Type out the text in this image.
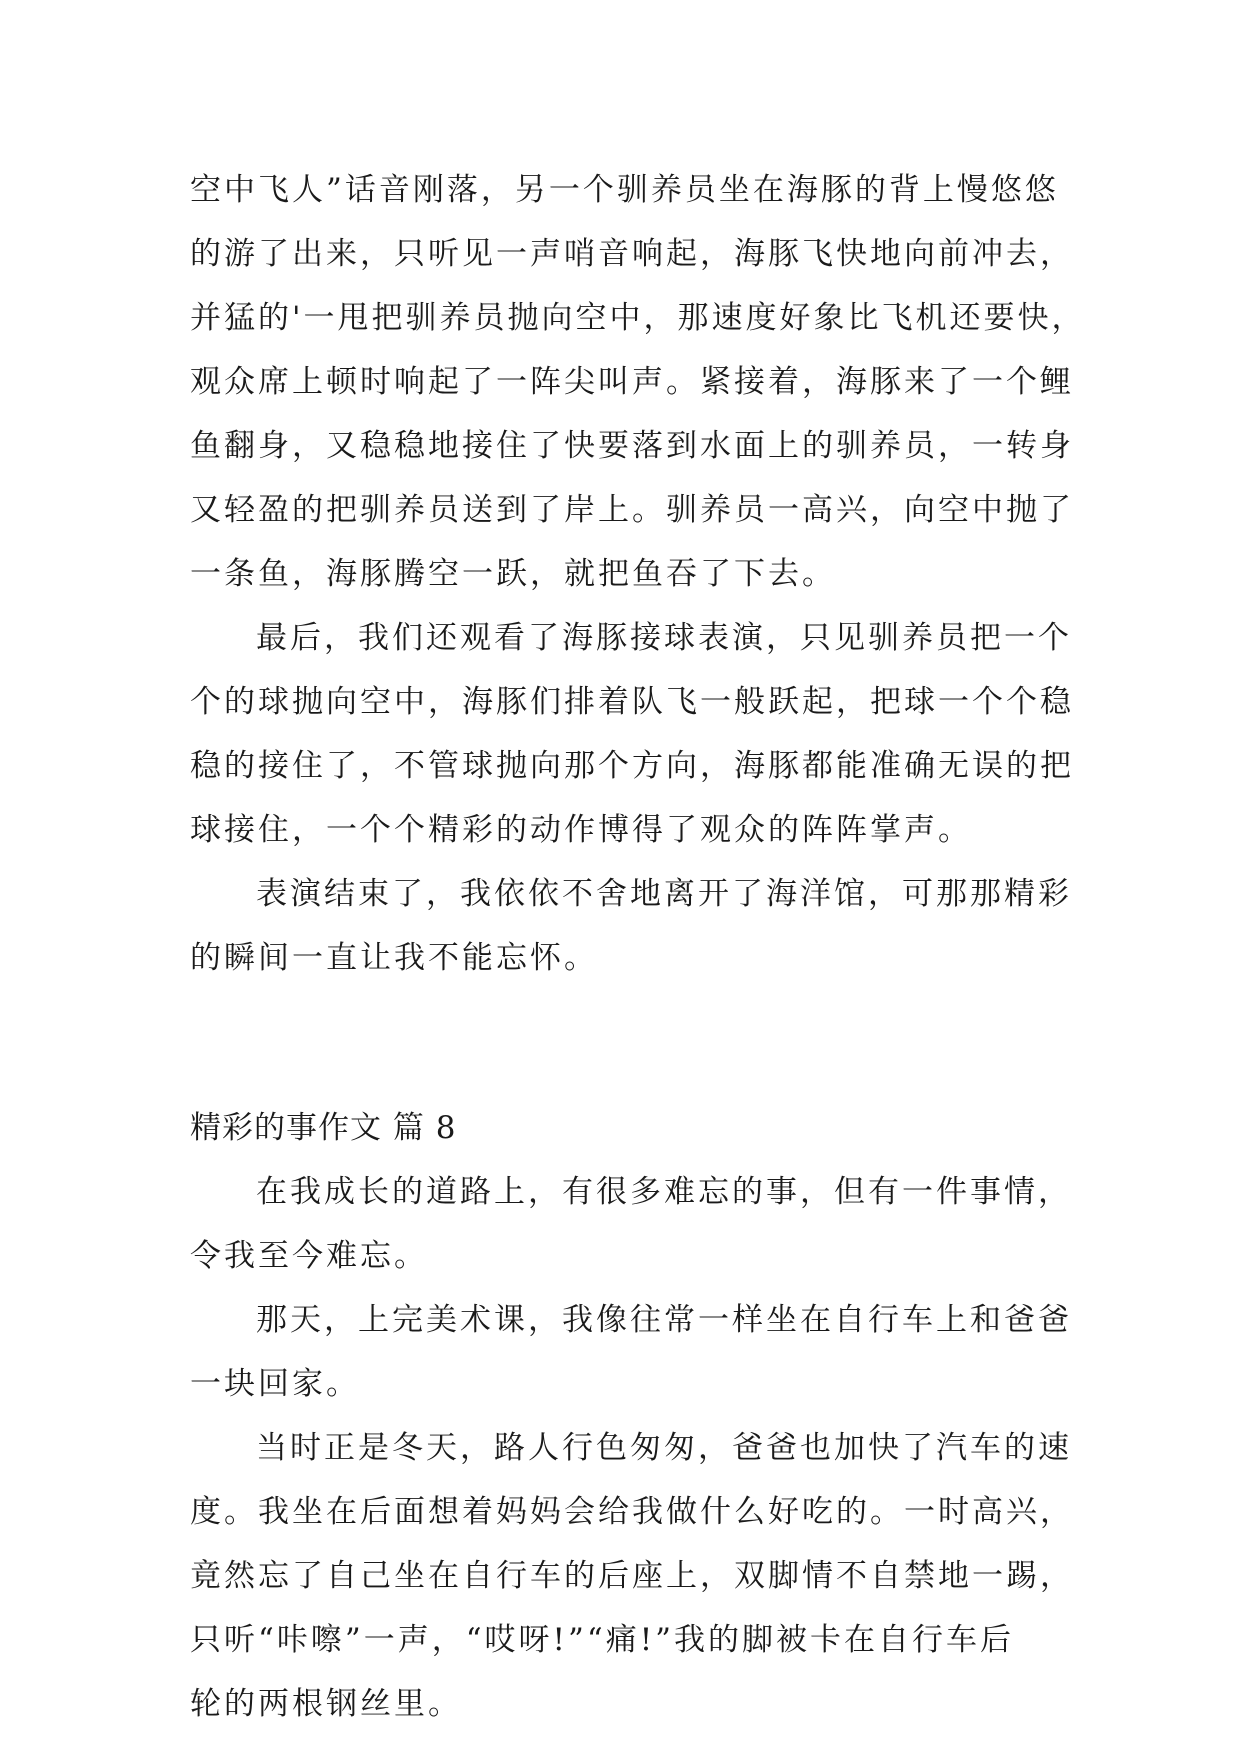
空中飞人”话音刚落，另一个驯养员坐在海豚的背上慢悠悠
的游了出来，只听见一声哨音响起，海豚飞快地向前冲去，
并猛的'一甩把驯养员抛向空中，那速度好象比飞机还要快，
观众席上顿时响起了一阵尖叫声。紧接着，海豚来了一个鲤
鱼翻身，又稳稳地接住了快要落到水面上的驯养员，一转身
又轻盈的把驯养员送到了岸上。驯养员一高兴，向空中抛了
一条鱼，海豚腾空一跃，就把鱼吞了下去。
最后，我们还观看了海豚接球表演，只见驯养员把一个
个的球抛向空中，海豚们排着队飞一般跃起，把球一个个稳
稳的接住了，不管球抛向那个方向，海豚都能准确无误的把
球接住，一个个精彩的动作博得了观众的阵阵掌声。
表演结束了，我依依不舍地离开了海洋馆，可那那精彩
的瞬间一直让我不能忘怀。
精彩的事作文 篇 8
在我成长的道路上，有很多难忘的事，但有一件事情，
令我至今难忘。
那天，上完美术课，我像往常一样坐在自行车上和爸爸
一块回家。
当时正是冬天，路人行色匆匆，爸爸也加快了汽车的速
度。我坐在后面想着妈妈会给我做什么好吃的。一时高兴，
竟然忘了自己坐在自行车的后座上，双脚情不自禁地一踢，
只听“咔嚓”一声，“哎呀!”“痛!”我的脚被卡在自行车后
轮的两根钢丝里。
